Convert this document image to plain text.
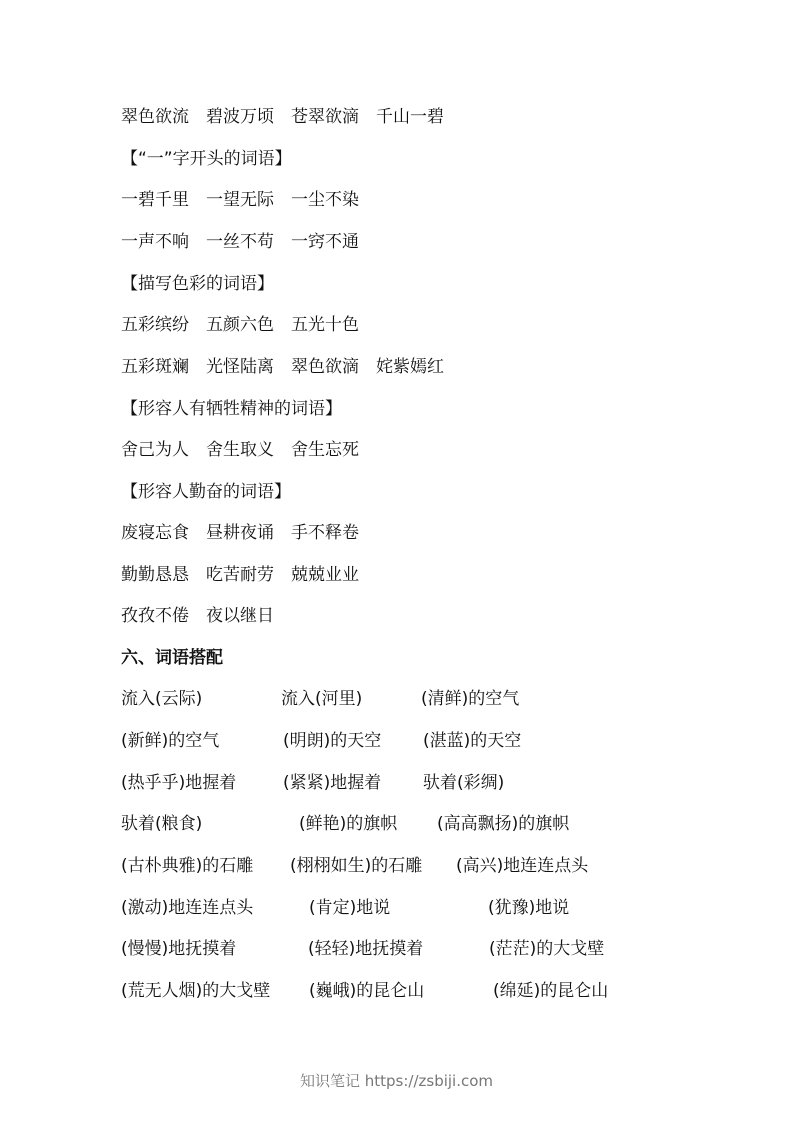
翠色欲流　碧波万顷　苍翠欲滴　千山一碧
【“一”字开头的词语】
一碧千里　一望无际　一尘不染
一声不响　一丝不苟　一窍不通
【描写色彩的词语】
五彩缤纷　五颜六色　五光十色
五彩斑斓　光怪陆离　翠色欲滴　姹紫嫣红
【形容人有牺牲精神的词语】
舍己为人　舍生取义　舍生忘死
【形容人勤奋的词语】
废寝忘食　昼耕夜诵　手不释卷
勤勤恳恳　吃苦耐劳　兢兢业业
孜孜不倦　夜以继日
六、词语搭配
流入(云际)	流入(河里)	(清鲜)的空气
(新鲜)的空气	(明朗)的天空 (湛蓝)的天空
(热乎乎)地握着	(紧紧)地握着 驮着(彩绸)
驮着(粮食)	(鲜艳)的旗帜 (高高飘扬)的旗帜
(古朴典雅)的石雕 (栩栩如生)的石雕 (高兴)地连连点头
(激动)地连连点头	(肯定)地说	(犹豫)地说
(慢慢)地抚摸着	(轻轻)地抚摸着	(茫茫)的大戈壁
(荒无人烟)的大戈壁 (巍峨)的昆仑山	(绵延)的昆仑山
知识笔记 https://zsbiji.com
